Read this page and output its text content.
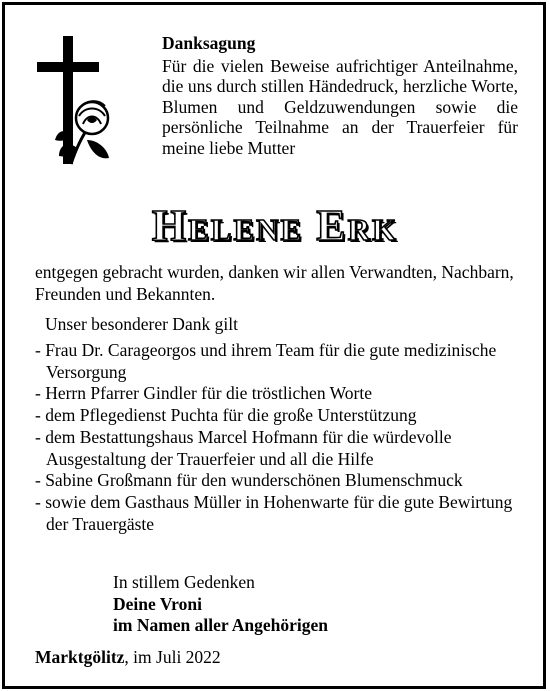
Danksagung
Für die vielen Beweise aufrichtiger Anteilnahme, die uns durch stillen Händedruck, herzliche Worte, Blumen und Geldzuwendungen sowie die persönliche Teilnahme an der Trauerfeier für meine liebe Mutter
Helene Erk
entgegen gebracht wurden, danken wir allen Verwandten, Nachbarn, Freunden und Bekannten.
Unser besonderer Dank gilt
- Frau Dr. Carageorgos und ihrem Team für die gute medizinische Versorgung
- Herrn Pfarrer Gindler für die tröstlichen Worte
- dem Pflegedienst Puchta für die große Unterstützung
- dem Bestattungshaus Marcel Hofmann für die würdevolle Ausgestaltung der Trauerfeier und all die Hilfe
- Sabine Großmann für den wunderschönen Blumenschmuck
- sowie dem Gasthaus Müller in Hohenwarte für die gute Bewirtung der Trauergäste
In stillem Gedenken
Deine Vroni
im Namen aller Angehörigen
Marktgölitz, im Juli 2022
